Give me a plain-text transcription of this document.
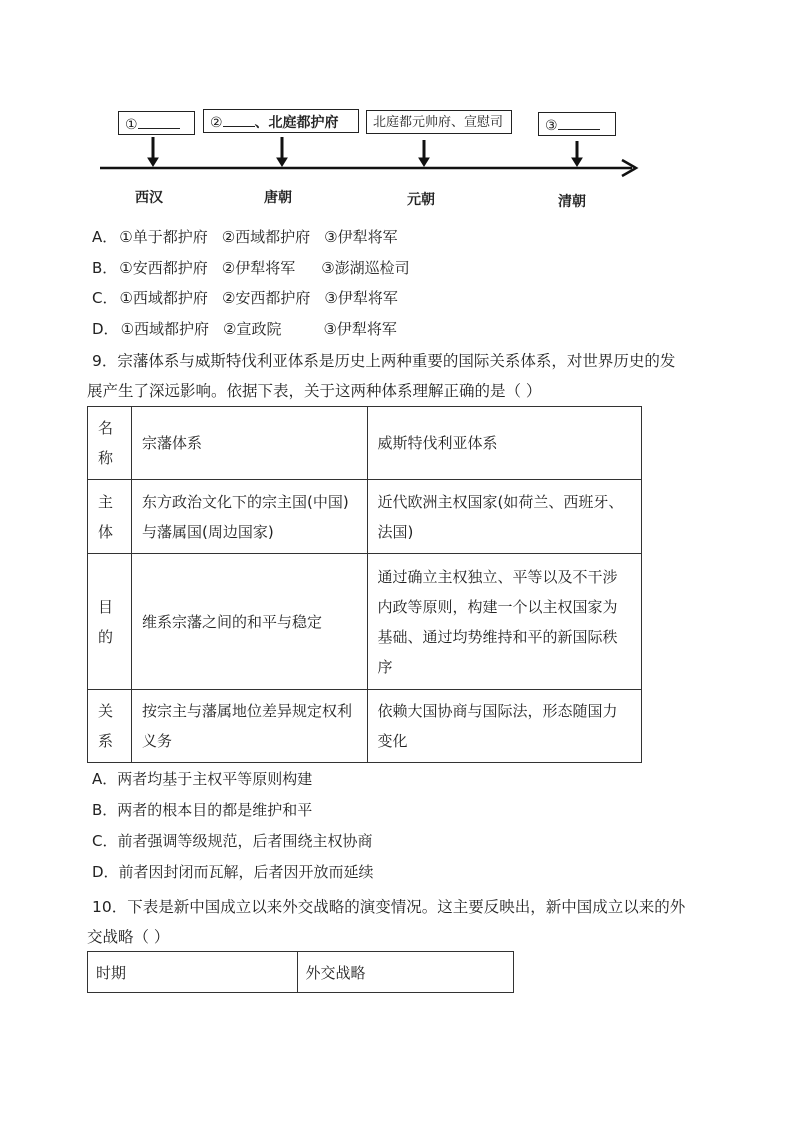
①	② 、北庭都护府	北庭都元帅府、宣慰司	③
西汉	唐朝	元朝	清朝
A． ①单于都护府 ②西域都护府 ③伊犁将军
B． ①安西都护府 ②伊犁将军 ③澎湖巡检司
C． ①西域都护府 ②安西都护府 ③伊犁将军
D． ①西域都护府 ②宣政院	③伊犁将军
9．宗藩体系与威斯特伐利亚体系是历史上两种重要的国际关系体系，对世界历史的发
展产生了深远影响。依据下表，关于这两种体系理解正确的是（ ）
名称	宗藩体系	威斯特伐利亚体系
主体	东方政治文化下的宗主国(中国)与藩属国(周边国家)	近代欧洲主权国家(如荷兰、西班牙、法国)
目的	维系宗藩之间的和平与稳定	通过确立主权独立、平等以及不干涉内政等原则，构建一个以主权国家为基础、通过均势维持和平的新国际秩序
关系	按宗主与藩属地位差异规定权利义务	依赖大国协商与国际法，形态随国力变化
A．两者均基于主权平等原则构建
B．两者的根本目的都是维护和平
C．前者强调等级规范，后者围绕主权协商
D．前者因封闭而瓦解，后者因开放而延续
10．下表是新中国成立以来外交战略的演变情况。这主要反映出，新中国成立以来的外
交战略（ ）
时期	外交战略
